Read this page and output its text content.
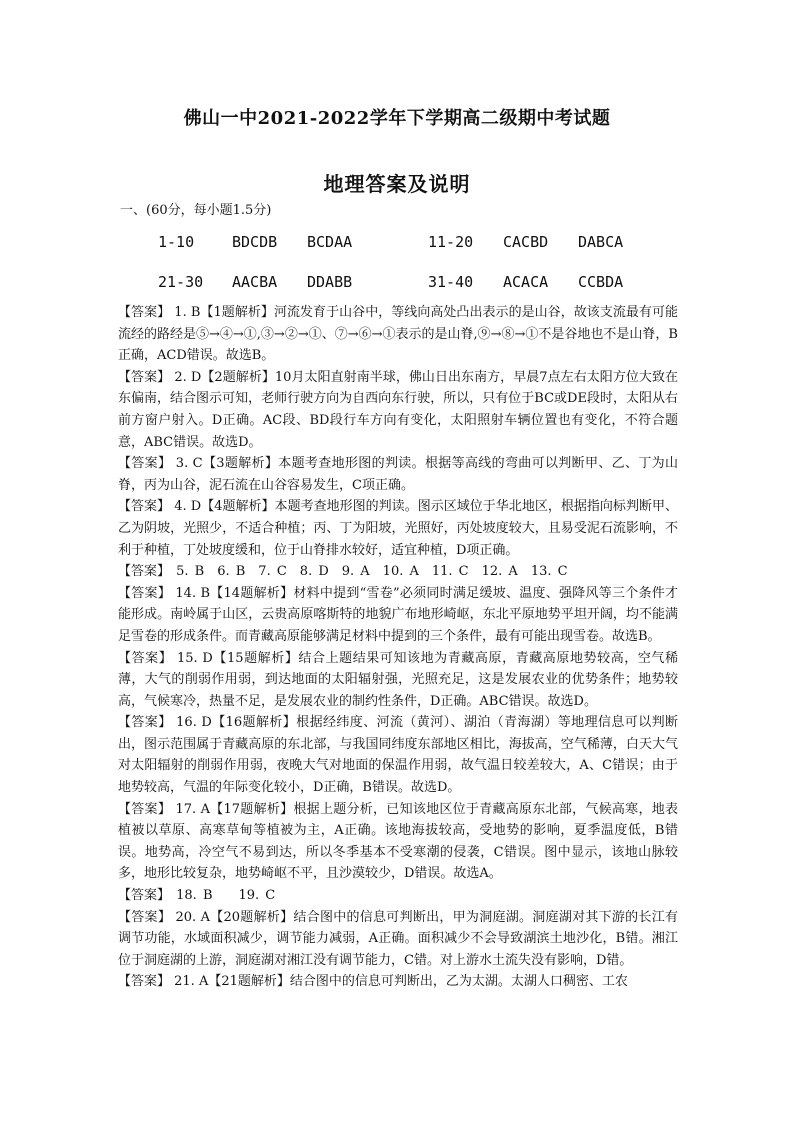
佛山一中2021-2022学年下学期高二级期中考试题
地理答案及说明
一、(60分，每小题1.5分)
1-10	BDCDB BCDAA	11-20 CACBD DABCA
21-30 AACBA DDABB	31-40 ACACA CCBDA

【答案】 1. B【1题解析】河流发育于山谷中，等线向高处凸出表示的是山谷，故该支流最有可能流经的路经是⑤→④→①,③→②→①、⑦→⑥→①表示的是山脊,⑨→⑧→①不是谷地也不是山脊，B正确，ACD错误。故选B。

【答案】 2. D【2题解析】10月太阳直射南半球，佛山日出东南方，早晨7点左右太阳方位大致在东偏南，结合图示可知，老师行驶方向为自西向东行驶，所以，只有位于BC或DE段时，太阳从右前方窗户射入。D正确。AC段、BD段行车方向有变化，太阳照射车辆位置也有变化，不符合题意，ABC错误。故选D。

【答案】 3. C【3题解析】本题考查地形图的判读。根据等高线的弯曲可以判断甲、乙、丁为山脊，丙为山谷，泥石流在山谷容易发生，C项正确。

【答案】 4. D【4题解析】本题考查地形图的判读。图示区域位于华北地区，根据指向标判断甲、乙为阴坡，光照少，不适合种植；丙、丁为阳坡，光照好，丙处坡度较大，且易受泥石流影响，不利于种植，丁处坡度缓和，位于山脊排水较好，适宜种植，D项正确。

【答案】 5. B　6. B　7. C　8. D　9. A　10. A　11. C　12. A　13. C

【答案】 14. B【14题解析】材料中提到“雪卷”必须同时满足缓坡、温度、强降风等三个条件才能形成。南岭属于山区，云贵高原喀斯特的地貌广布地形崎岖，东北平原地势平坦开阔，均不能满足雪卷的形成条件。而青藏高原能够满足材料中提到的三个条件，最有可能出现雪卷。故选B。

【答案】 15. D【15题解析】结合上题结果可知该地为青藏高原，青藏高原地势较高，空气稀薄，大气的削弱作用弱，到达地面的太阳辐射强，光照充足，这是发展农业的优势条件；地势较高，气候寒冷，热量不足，是发展农业的制约性条件，D正确。ABC错误。故选D。

【答案】 16. D【16题解析】根据经纬度、河流（黄河）、湖泊（青海湖）等地理信息可以判断出，图示范围属于青藏高原的东北部，与我国同纬度东部地区相比，海拔高，空气稀薄，白天大气对太阳辐射的削弱作用弱，夜晚大气对地面的保温作用弱，故气温日较差较大，A、C错误；由于地势较高，气温的年际变化较小，D正确，B错误。故选D。

【答案】 17. A【17题解析】根据上题分析，已知该地区位于青藏高原东北部，气候高寒，地表植被以草原、高寒草甸等植被为主，A正确。该地海拔较高，受地势的影响，夏季温度低，B错误。地势高，冷空气不易到达，所以冬季基本不受寒潮的侵袭，C错误。图中显示，该地山脉较多，地形比较复杂，地势崎岖不平，且沙漠较少，D错误。故选A。

【答案】 18. B　　19. C

【答案】 20. A【20题解析】结合图中的信息可判断出，甲为洞庭湖。洞庭湖对其下游的长江有调节功能，水域面积减少，调节能力减弱，A正确。面积减少不会导致湖滨土地沙化，B错。湘江位于洞庭湖的上游，洞庭湖对湘江没有调节能力，C错。对上游水土流失没有影响，D错。

【答案】 21. A【21题解析】结合图中的信息可判断出，乙为太湖。太湖人口稠密、工农
